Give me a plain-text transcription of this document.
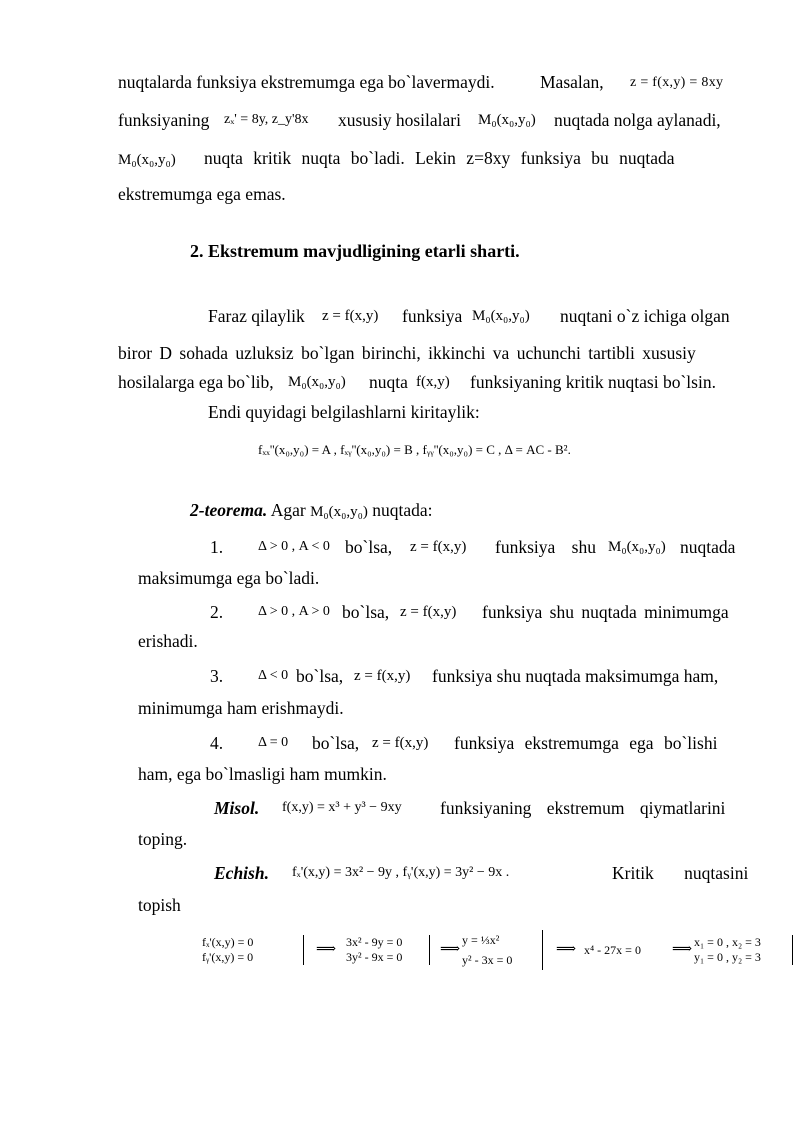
nuqtalarda funksiya ekstremumga ega bo`lavermaydi.	Masalan, z = f(x,y) = 8xy
funksiyaning zₓ' = 8y, z_y'8x xususiy hosilalari M₀(x₀,y₀) nuqtada nolga aylanadi,
M₀(x₀,y₀) nuqta kritik nuqta bo`ladi. Lekin z=8xy funksiya bu nuqtada
ekstremumga ega emas.
2. Ekstremum mavjudligining etarli sharti.
Faraz qilaylik z = f(x,y) funksiya M₀(x₀,y₀) nuqtani o`z ichiga olgan
biror D sohada uzluksiz bo`lgan birinchi, ikkinchi va uchunchi tartibli xususiy
hosilalarga ega bo`lib, M₀(x₀,y₀) nuqta f(x,y) funksiyaning kritik nuqtasi bo`lsin.
Endi quyidagi belgilashlarni kiritaylik:
fₓₓ''(x₀,y₀) = A , fₓᵧ''(x₀,y₀) = B , fᵧᵧ''(x₀,y₀) = C , Δ = AC - B².
2-teorema. Agar M₀(x₀,y₀) nuqtada:
1. Δ > 0 , A < 0 bo`lsa, z = f(x,y) funksiya shu M₀(x₀,y₀) nuqtada
maksimumga ega bo`ladi.
2. Δ > 0 , A > 0 bo`lsa, z = f(x,y) funksiya shu nuqtada minimumga
erishadi.
3. Δ < 0 bo`lsa, z = f(x,y) funksiya shu nuqtada maksimumga ham,
minimumga ham erishmaydi.
4. Δ = 0 bo`lsa, z = f(x,y) funksiya ekstremumga ega bo`lishi
ham, ega bo`lmasligi ham mumkin.
Misol. f(x,y) = x³ + y³ − 9xy funksiyaning ekstremum qiymatlarini
toping.
Echish. fₓ'(x,y) = 3x² − 9y , fᵧ'(x,y) = 3y² − 9x .	Kritik nuqtasini
topish
fₓ'(x,y) = 0
fᵧ'(x,y) = 0	⟹ 3x² - 9y = 0
3y² - 9x = 0	⟹
y = ⅓x²
y² - 3x = 0
⟹ x⁴ - 27x = 0 ⟹ x₁ = 0 , x₂ = 3
y₁ = 0 , y₂ = 3
